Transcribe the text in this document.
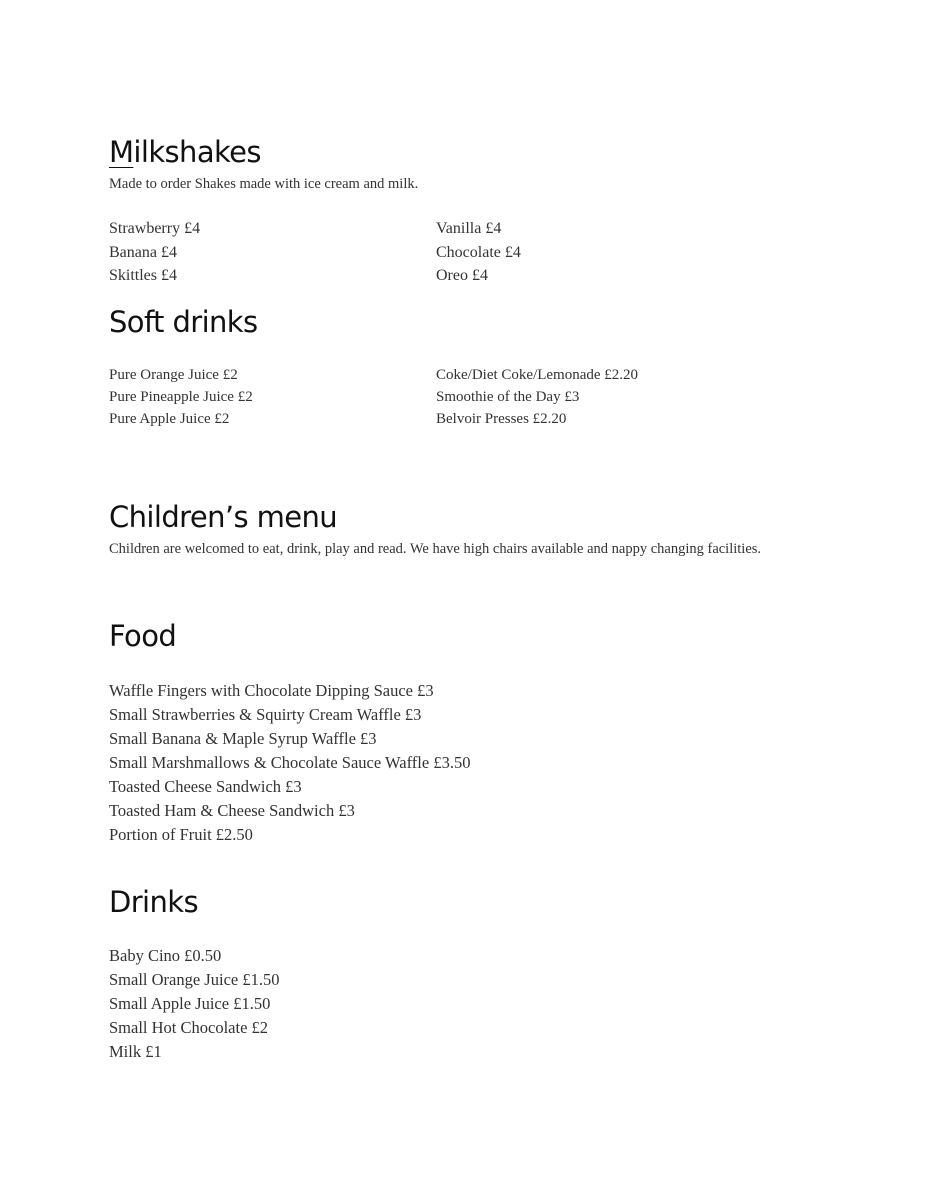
Milkshakes

Made to order Shakes made with ice cream and milk.

Strawberry £4
Banana £4
Skittles £4
Vanilla £4
Chocolate £4
Oreo £4
Soft drinks
Pure Orange Juice £2
Pure Pineapple Juice £2
Pure Apple Juice £2
Coke/Diet Coke/Lemonade £2.20
Smoothie of the Day £3
Belvoir Presses £2.20
Children’s menu

Children are welcomed to eat, drink, play and read. We have high chairs available and nappy changing facilities.

Food
Waffle Fingers with Chocolate Dipping Sauce £3
Small Strawberries & Squirty Cream Waffle £3
Small Banana & Maple Syrup Waffle £3
Small Marshmallows & Chocolate Sauce Waffle £3.50
Toasted Cheese Sandwich £3
Toasted Ham & Cheese Sandwich £3
Portion of Fruit £2.50
Drinks
Baby Cino £0.50
Small Orange Juice £1.50
Small Apple Juice £1.50
Small Hot Chocolate £2
Milk £1
